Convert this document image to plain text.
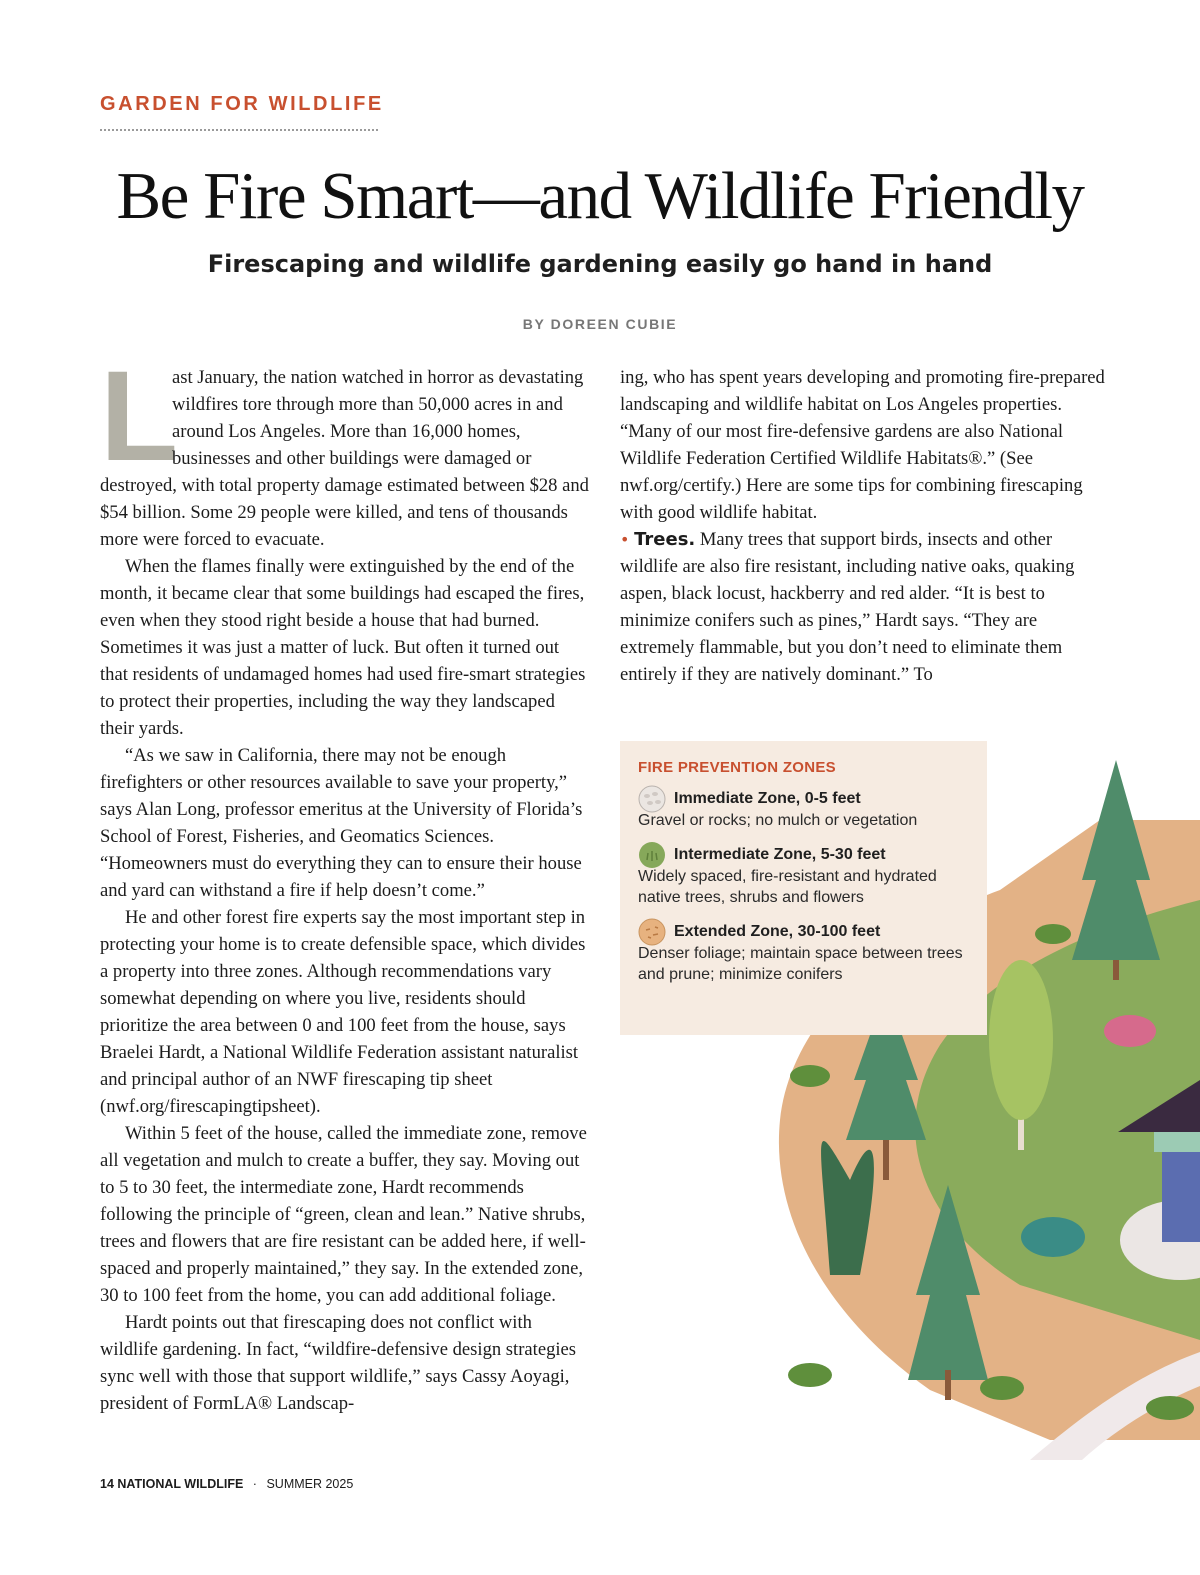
GARDEN FOR WILDLIFE
Be Fire Smart—and Wildlife Friendly
Firescaping and wildlife gardening easily go hand in hand
BY DOREEN CUBIE

L
ast January, the nation watched in horror as devastating wildfires tore through more than 50,000 acres in and around Los Angeles. More than 16,000 homes, businesses and other buildings were damaged or destroyed, with total property damage estimated between $28 and $54 billion. Some 29 people were killed, and tens of thousands more were forced to evacuate.

When the flames finally were extinguished by the end of the month, it became clear that some buildings had escaped the fires, even when they stood right beside a house that had burned. Sometimes it was just a matter of luck. But often it turned out that residents of undamaged homes had used fire-smart strategies to protect their properties, including the way they landscaped their yards.

“As we saw in California, there may not be enough firefighters or other resources available to save your property,” says Alan Long, professor emeritus at the University of Florida’s School of Forest, Fisheries, and Geomatics Sciences. “Homeowners must do everything they can to ensure their house and yard can withstand a fire if help doesn’t come.”

He and other forest fire experts say the most important step in protecting your home is to create defensible space, which divides a property into three zones. Although recommendations vary somewhat depending on where you live, residents should prioritize the area between 0 and 100 feet from the house, says Braelei Hardt, a National Wildlife Federation assistant naturalist and principal author of an NWF firescaping tip sheet (nwf.org/firescapingtipsheet).

Within 5 feet of the house, called the immediate zone, remove all vegetation and mulch to create a buffer, they say. Moving out to 5 to 30 feet, the intermediate zone, Hardt recommends following the principle of “green, clean and lean.” Native shrubs, trees and flowers that are fire resistant can be added here, if well-spaced and properly maintained,” they say. In the extended zone, 30 to 100 feet from the home, you can add additional foliage.

Hardt points out that firescaping does not conflict with wildlife gardening. In fact, “wildfire-defensive design strategies sync well with those that support wildlife,” says Cassy Aoyagi, president of FormLA® Landscap-

ing, who has spent years developing and promoting fire-prepared landscaping and wildlife habitat on Los Angeles properties. “Many of our most fire-defensive gardens are also National Wildlife Federation Certified Wildlife Habitats®.” (See nwf.org/certify.) Here are some tips for combining firescaping with good wildlife habitat.

• Trees. Many trees that support birds, insects and other wildlife are also fire resistant, including native oaks, quaking aspen, black locust, hackberry and red alder. “It is best to minimize conifers such as pines,” Hardt says. “They are extremely flammable, but you don’t need to eliminate them entirely if they are natively dominant.” To

FIRE PREVENTION ZONES
Immediate Zone, 0-5 feet
Gravel or rocks; no mulch or vegetation
Intermediate Zone, 5-30 feet
Widely spaced, fire-resistant and hydrated native trees, shrubs and flowers
Extended Zone, 30-100 feet
Denser foliage; maintain space between trees and prune; minimize conifers
14 NATIONAL WILDLIFE · SUMMER 2025
